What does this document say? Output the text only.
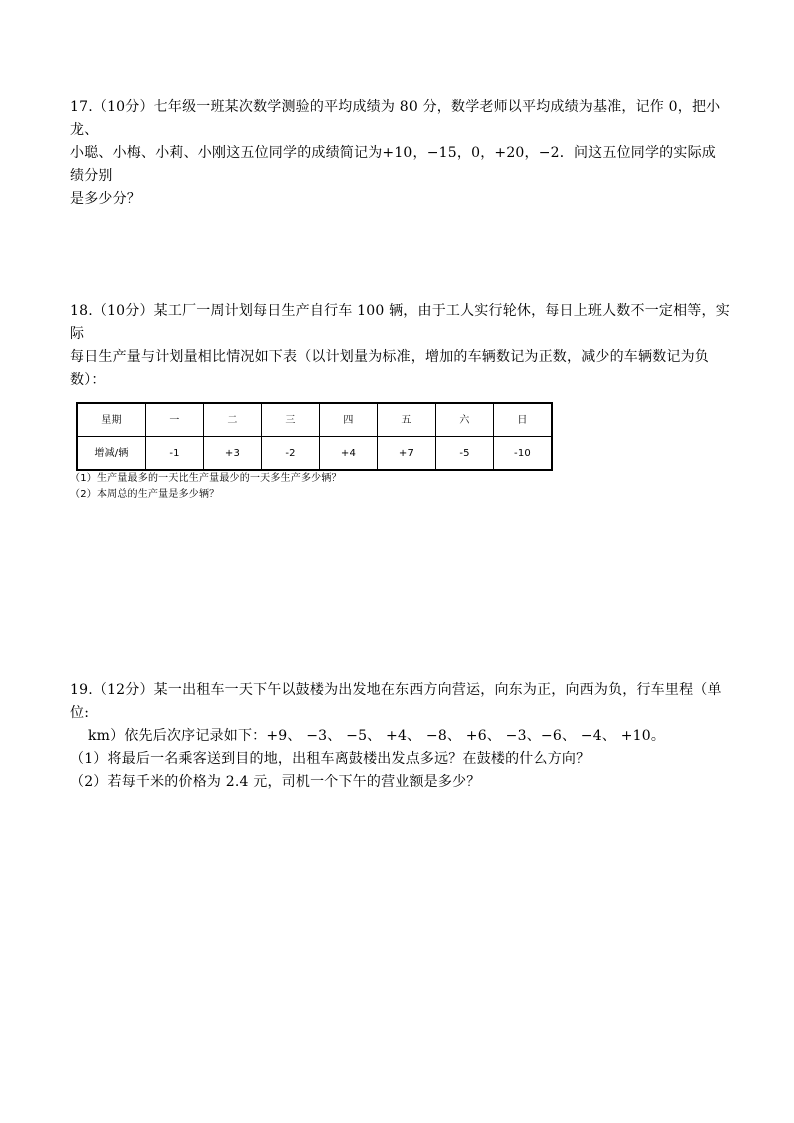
17.（10分）七年级一班某次数学测验的平均成绩为 80 分，数学老师以平均成绩为基准，记作 0，把小龙、

小聪、小梅、小莉、小刚这五位同学的成绩简记为+10，−15，0，+20，−2．问这五位同学的实际成绩分别

是多少分？

18.（10分）某工厂一周计划每日生产自行车 100 辆，由于工人实行轮休，每日上班人数不一定相等，实际

每日生产量与计划量相比情况如下表（以计划量为标准，增加的车辆数记为正数，减少的车辆数记为负

数）：

星期	一	二	三	四	五	六	日
增减/辆	-1	+3	-2	+4	+7	-5	-10

（1）生产量最多的一天比生产量最少的一天多生产多少辆？

（2）本周总的生产量是多少辆？

19.（12分）某一出租车一天下午以鼓楼为出发地在东西方向营运，向东为正，向西为负，行车里程（单位:

km）依先后次序记录如下：+9、 −3、 −5、 +4、 −8、 +6、 −3、−6、 −4、 +10。

（1）将最后一名乘客送到目的地，出租车离鼓楼出发点多远？在鼓楼的什么方向？

（2）若每千米的价格为 2.4 元，司机一个下午的营业额是多少？
